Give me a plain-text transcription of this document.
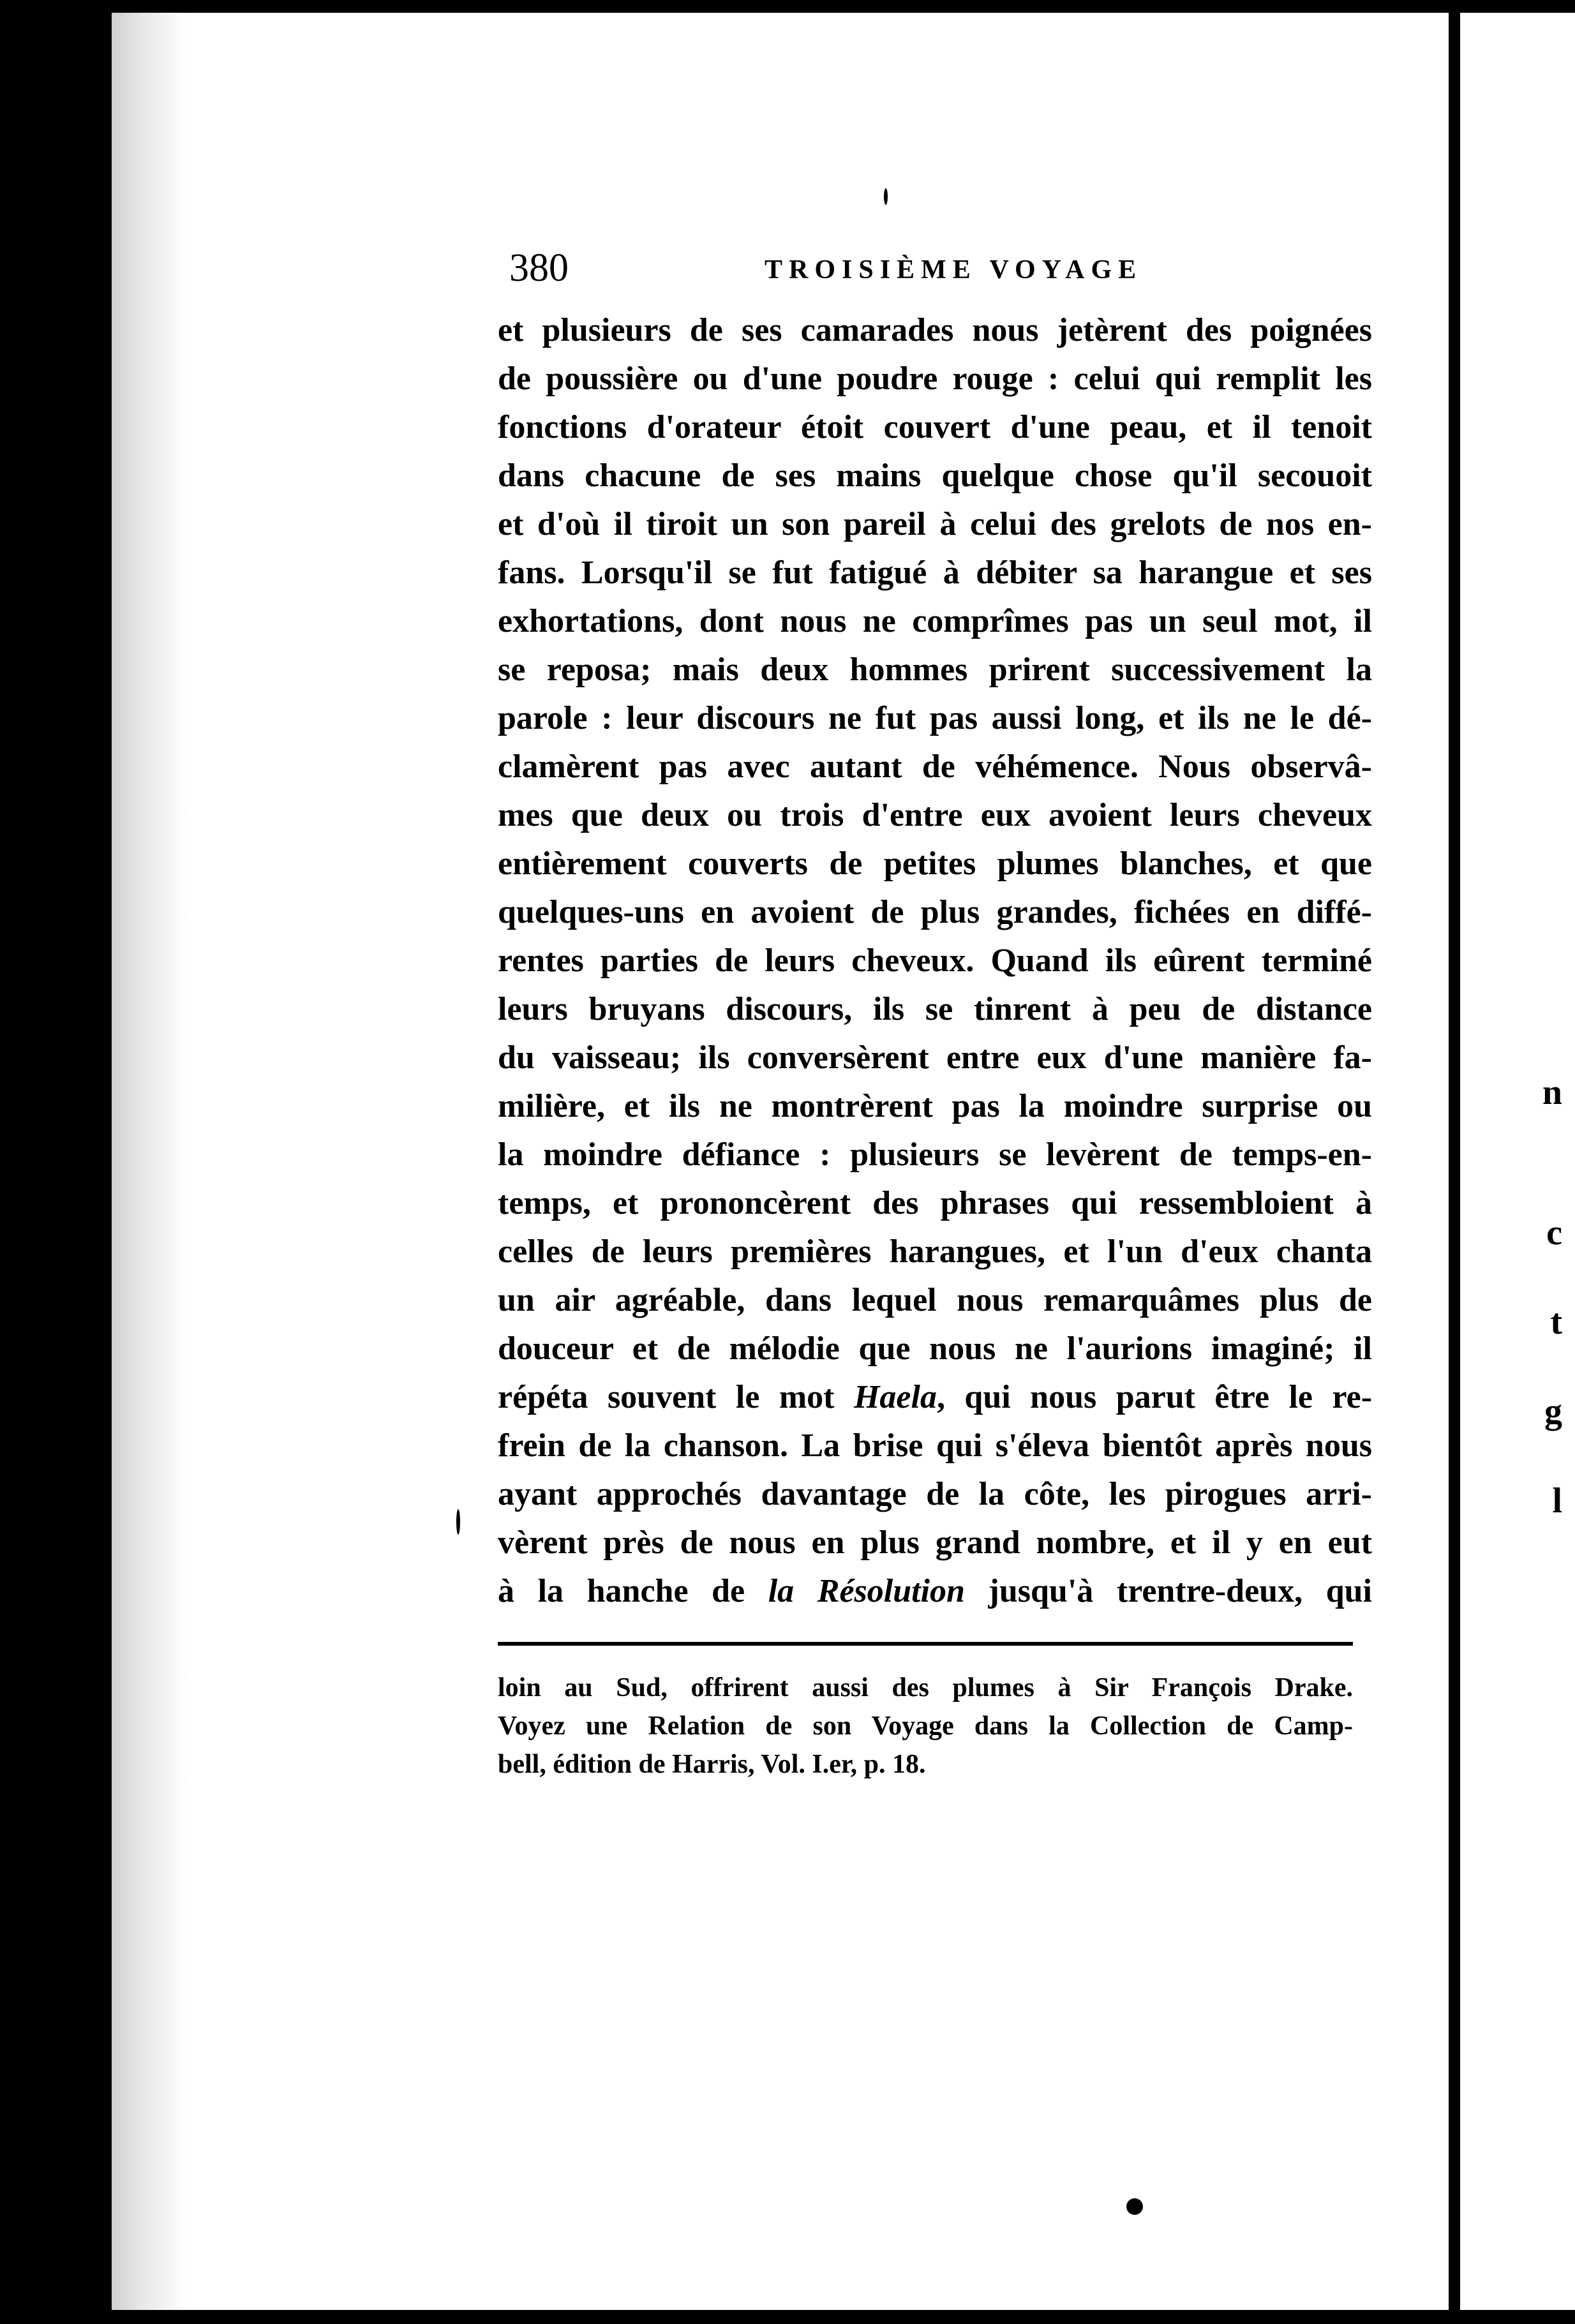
n
c
t
g
l
380	TROISIÈME VOYAGE
et plusieurs de ses camarades nous jetèrent des poignées
de poussière ou d'une poudre rouge : celui qui remplit les
fonctions d'orateur étoit couvert d'une peau, et il tenoit
dans chacune de ses mains quelque chose qu'il secouoit
et d'où il tiroit un son pareil à celui des grelots de nos en-
fans. Lorsqu'il se fut fatigué à débiter sa harangue et ses
exhortations, dont nous ne comprîmes pas un seul mot, il
se reposa; mais deux hommes prirent successivement la
parole : leur discours ne fut pas aussi long, et ils ne le dé-
clamèrent pas avec autant de véhémence. Nous observâ-
mes que deux ou trois d'entre eux avoient leurs cheveux
entièrement couverts de petites plumes blanches, et que
quelques-uns en avoient de plus grandes, fichées en diffé-
rentes parties de leurs cheveux. Quand ils eûrent terminé
leurs bruyans discours, ils se tinrent à peu de distance
du vaisseau; ils conversèrent entre eux d'une manière fa-
milière, et ils ne montrèrent pas la moindre surprise ou
la moindre défiance : plusieurs se levèrent de temps-en-
temps, et prononcèrent des phrases qui ressembloient à
celles de leurs premières harangues, et l'un d'eux chanta
un air agréable, dans lequel nous remarquâmes plus de
douceur et de mélodie que nous ne l'aurions imaginé; il
répéta souvent le mot Haela, qui nous parut être le re-
frein de la chanson. La brise qui s'éleva bientôt après nous
ayant approchés davantage de la côte, les pirogues arri-
vèrent près de nous en plus grand nombre, et il y en eut
à la hanche de la Résolution jusqu'à trentre-deux, qui
loin au Sud, offrirent aussi des plumes à Sir François Drake.
Voyez une Relation de son Voyage dans la Collection de Camp-
bell, édition de Harris, Vol. I.er, p. 18.
